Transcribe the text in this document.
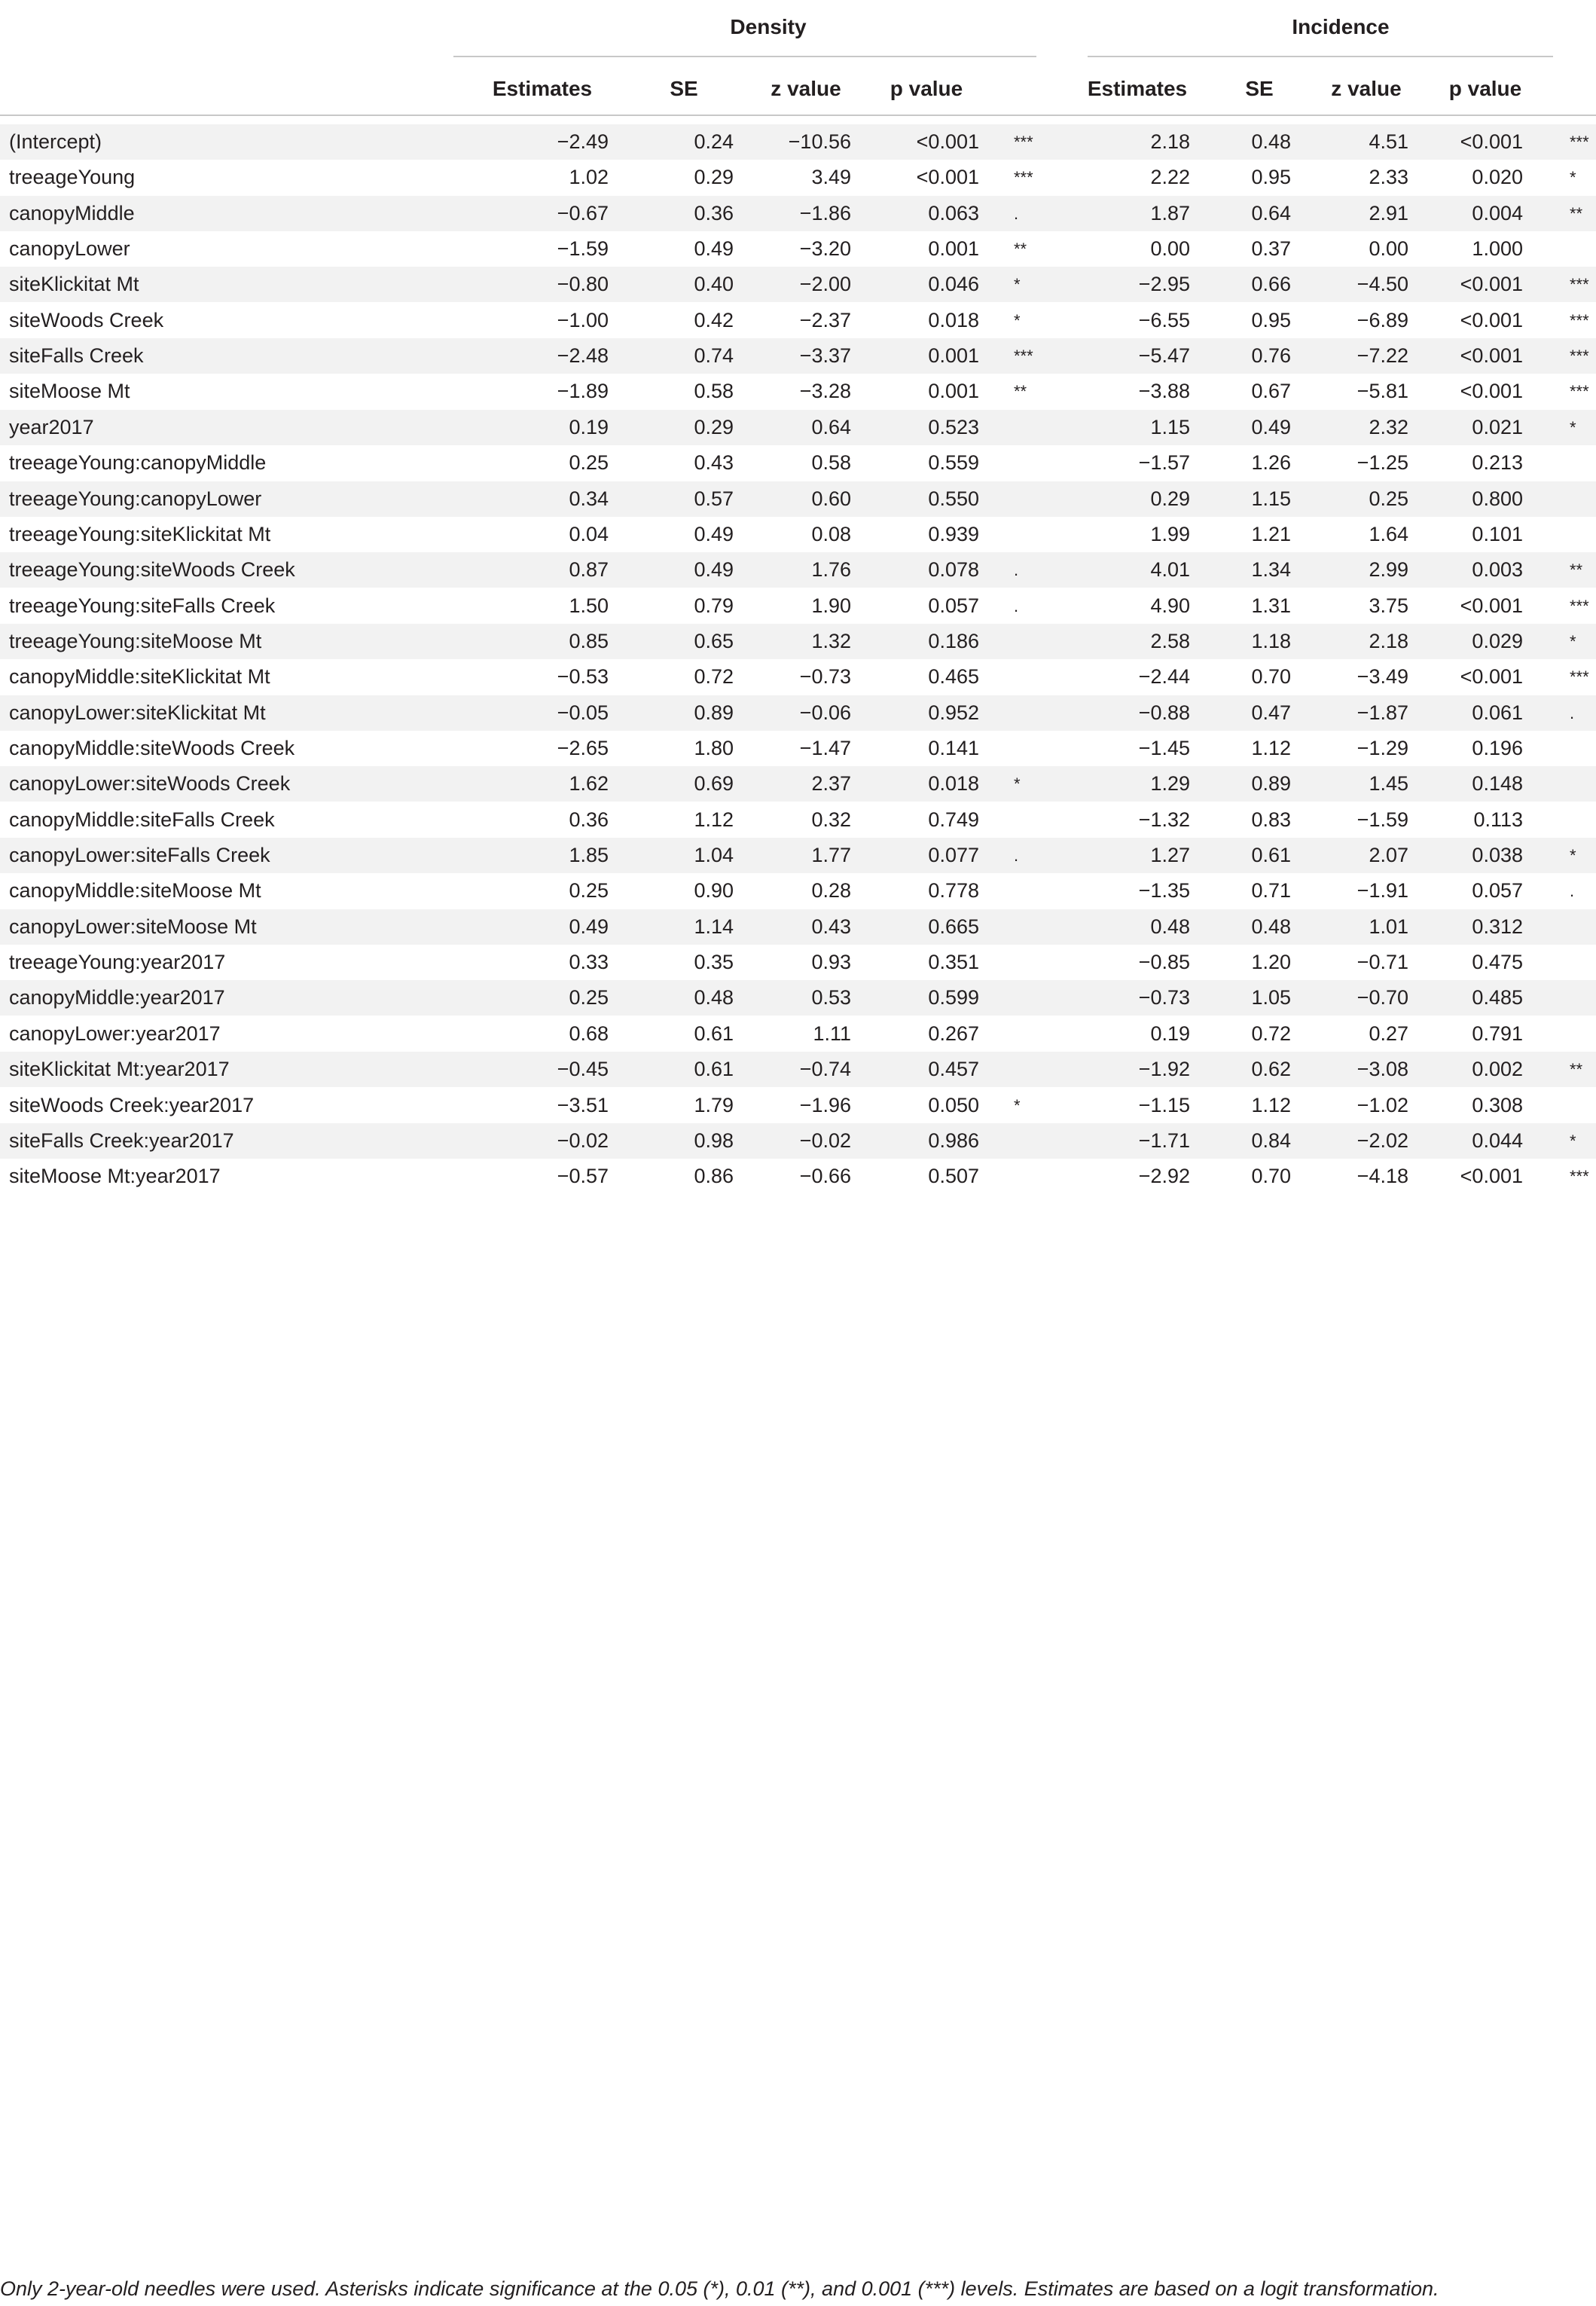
Density	Incidence
Estimates	SE	z value	p value	Estimates	SE	z value	p value
(Intercept)	−2.49	0.24	−10.56	<0.001 ***	2.18	0.48	4.51	<0.001	***
treeageYoung	1.02	0.29	3.49	<0.001 ***	2.22	0.95	2.33	0.020	*
canopyMiddle	−0.67	0.36	−1.86	0.063 .	1.87	0.64	2.91	0.004	**
canopyLower	−1.59	0.49	−3.20	0.001 **	0.00	0.37	0.00	1.000
siteKlickitat Mt	−0.80	0.40	−2.00	0.046 *	−2.95	0.66	−4.50	<0.001	***
siteWoods Creek	−1.00	0.42	−2.37	0.018 *	−6.55	0.95	−6.89	<0.001	***
siteFalls Creek	−2.48	0.74	−3.37	0.001 ***	−5.47	0.76	−7.22	<0.001	***
siteMoose Mt	−1.89	0.58	−3.28	0.001 **	−3.88	0.67	−5.81	<0.001	***
year2017	0.19	0.29	0.64	0.523	1.15	0.49	2.32	0.021	*
treeageYoung:canopyMiddle	0.25	0.43	0.58	0.559	−1.57	1.26	−1.25	0.213
treeageYoung:canopyLower	0.34	0.57	0.60	0.550	0.29	1.15	0.25	0.800
treeageYoung:siteKlickitat Mt	0.04	0.49	0.08	0.939	1.99	1.21	1.64	0.101
treeageYoung:siteWoods Creek	0.87	0.49	1.76	0.078 .	4.01	1.34	2.99	0.003	**
treeageYoung:siteFalls Creek	1.50	0.79	1.90	0.057 .	4.90	1.31	3.75	<0.001	***
treeageYoung:siteMoose Mt	0.85	0.65	1.32	0.186	2.58	1.18	2.18	0.029	*
canopyMiddle:siteKlickitat Mt	−0.53	0.72	−0.73	0.465	−2.44	0.70	−3.49	<0.001	***
canopyLower:siteKlickitat Mt	−0.05	0.89	−0.06	0.952	−0.88	0.47	−1.87	0.061	.
canopyMiddle:siteWoods Creek	−2.65	1.80	−1.47	0.141	−1.45	1.12	−1.29	0.196
canopyLower:siteWoods Creek	1.62	0.69	2.37	0.018 *	1.29	0.89	1.45	0.148
canopyMiddle:siteFalls Creek	0.36	1.12	0.32	0.749	−1.32	0.83	−1.59	0.113
canopyLower:siteFalls Creek	1.85	1.04	1.77	0.077 .	1.27	0.61	2.07	0.038	*
canopyMiddle:siteMoose Mt	0.25	0.90	0.28	0.778	−1.35	0.71	−1.91	0.057	.
canopyLower:siteMoose Mt	0.49	1.14	0.43	0.665	0.48	0.48	1.01	0.312
treeageYoung:year2017	0.33	0.35	0.93	0.351	−0.85	1.20	−0.71	0.475
canopyMiddle:year2017	0.25	0.48	0.53	0.599	−0.73	1.05	−0.70	0.485
canopyLower:year2017	0.68	0.61	1.11	0.267	0.19	0.72	0.27	0.791
siteKlickitat Mt:year2017	−0.45	0.61	−0.74	0.457	−1.92	0.62	−3.08	0.002	**
siteWoods Creek:year2017	−3.51	1.79	−1.96	0.050 *	−1.15	1.12	−1.02	0.308
siteFalls Creek:year2017	−0.02	0.98	−0.02	0.986	−1.71	0.84	−2.02	0.044	*
siteMoose Mt:year2017	−0.57	0.86	−0.66	0.507	−2.92	0.70	−4.18	<0.001	***
Only 2-year-old needles were used. Asterisks indicate significance at the 0.05 (*), 0.01 (**), and 0.001 (***) levels. Estimates are based on a logit transformation.
